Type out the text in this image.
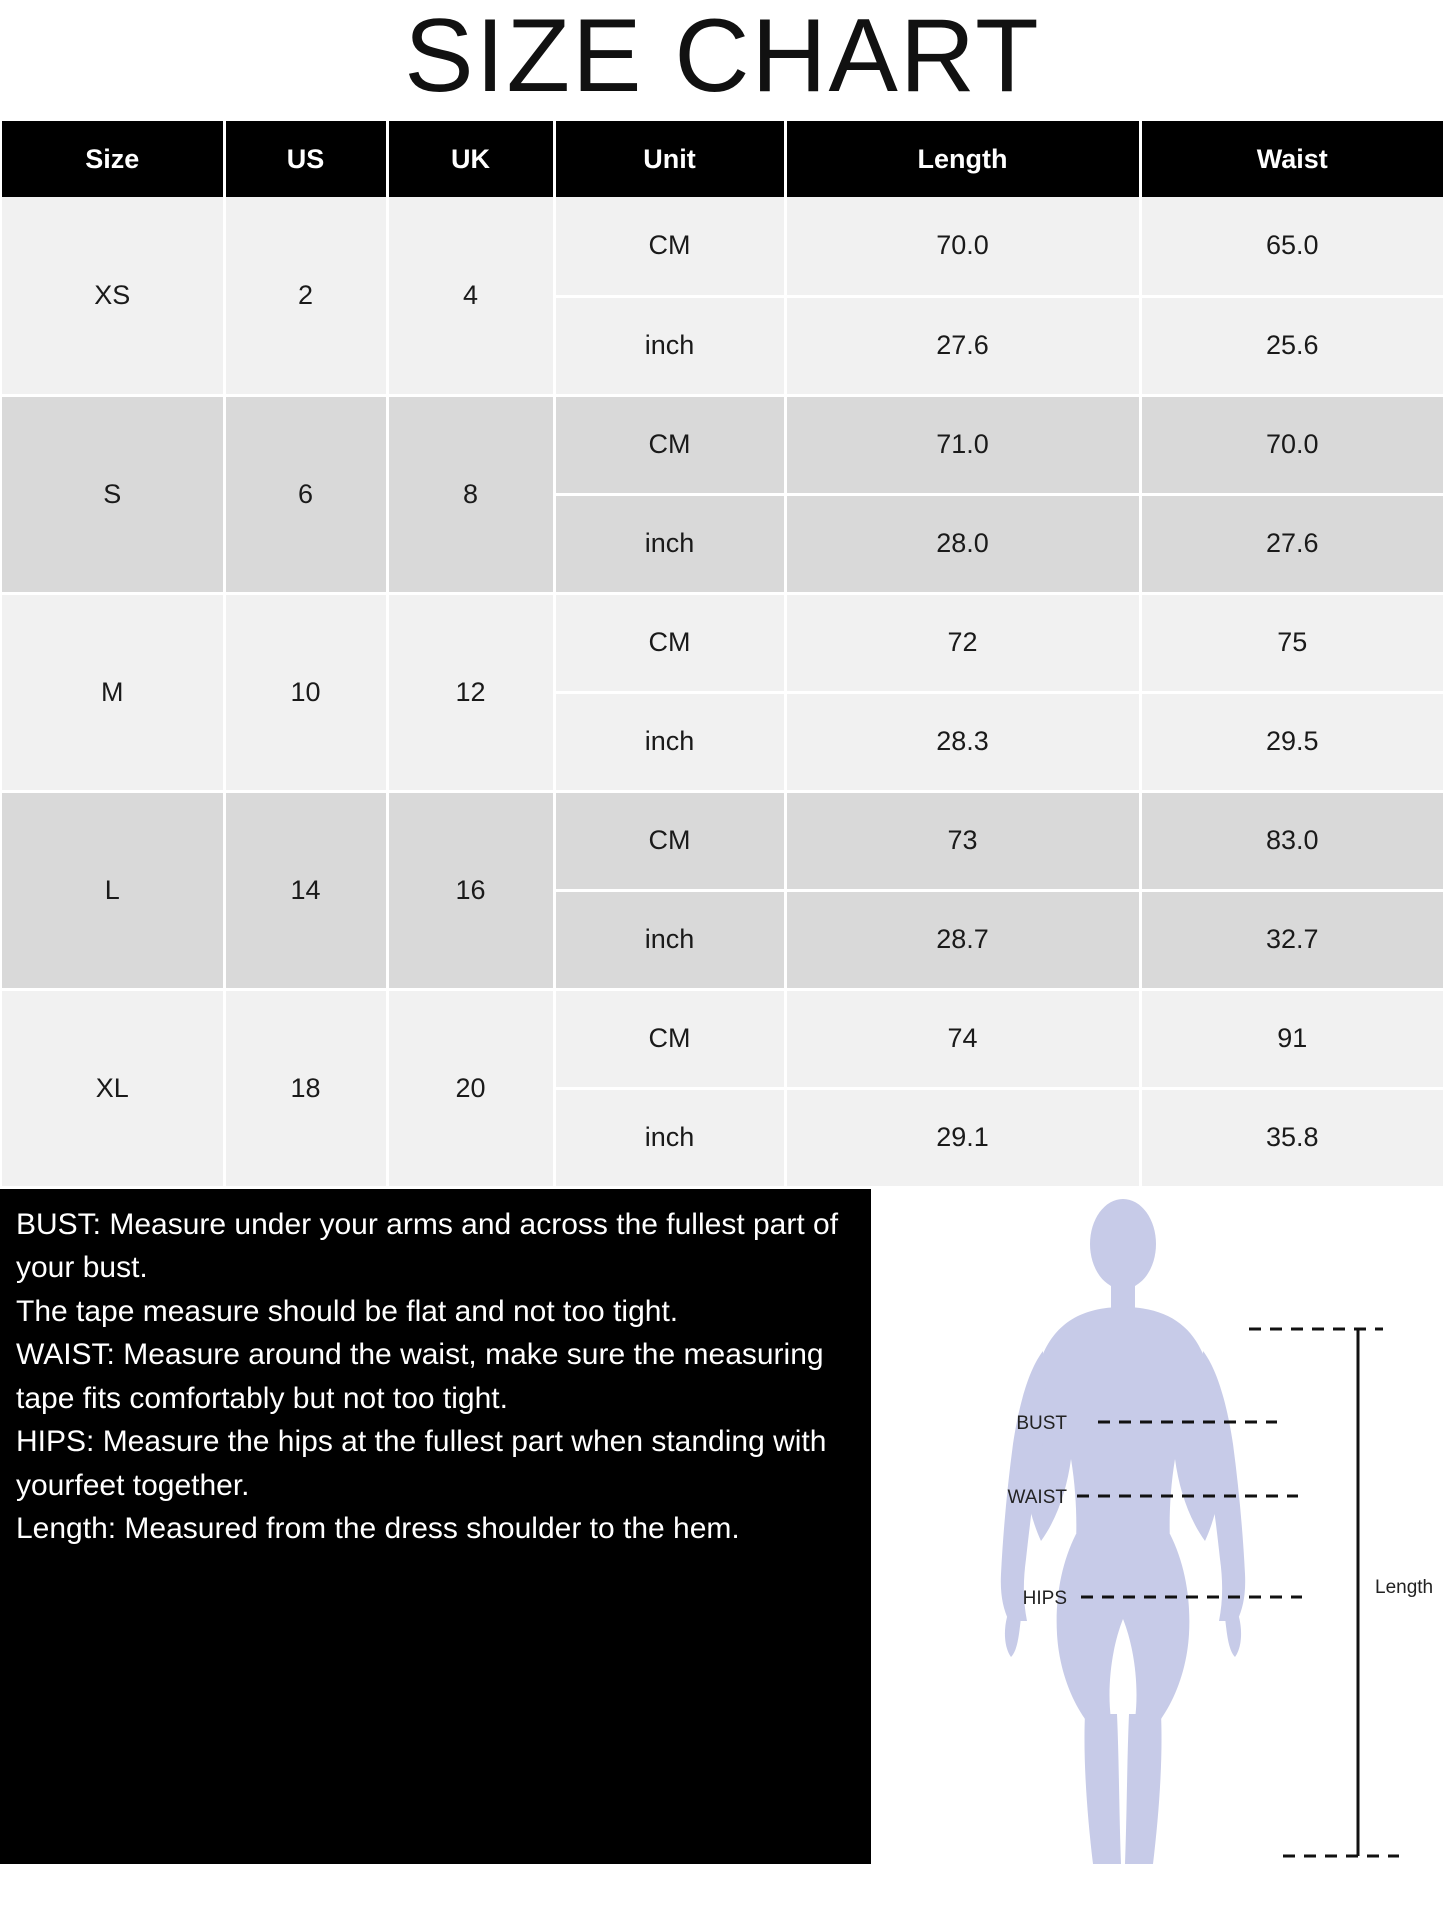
SIZE CHART
Size	US	UK	Unit	Length	Waist
XS	2	4	CM	70.0	65.0
			inch	27.6	25.6
S	6	8	CM	71.0	70.0
			inch	28.0	27.6
M	10	12	CM	72	75
			inch	28.3	29.5
L	14	16	CM	73	83.0
			inch	28.7	32.7
XL	18	20	CM	74	91
			inch	29.1	35.8

BUST: Measure under your arms and across the fullest part of your bust.

The tape measure should be flat and not too tight.

WAIST: Measure around the waist, make sure the measuring tape fits comfortably but not too tight.

HIPS: Measure the hips at the fullest part when standing with yourfeet together.

Length: Measured from the dress shoulder to the hem.

BUST
WAIST
HIPS
Length
